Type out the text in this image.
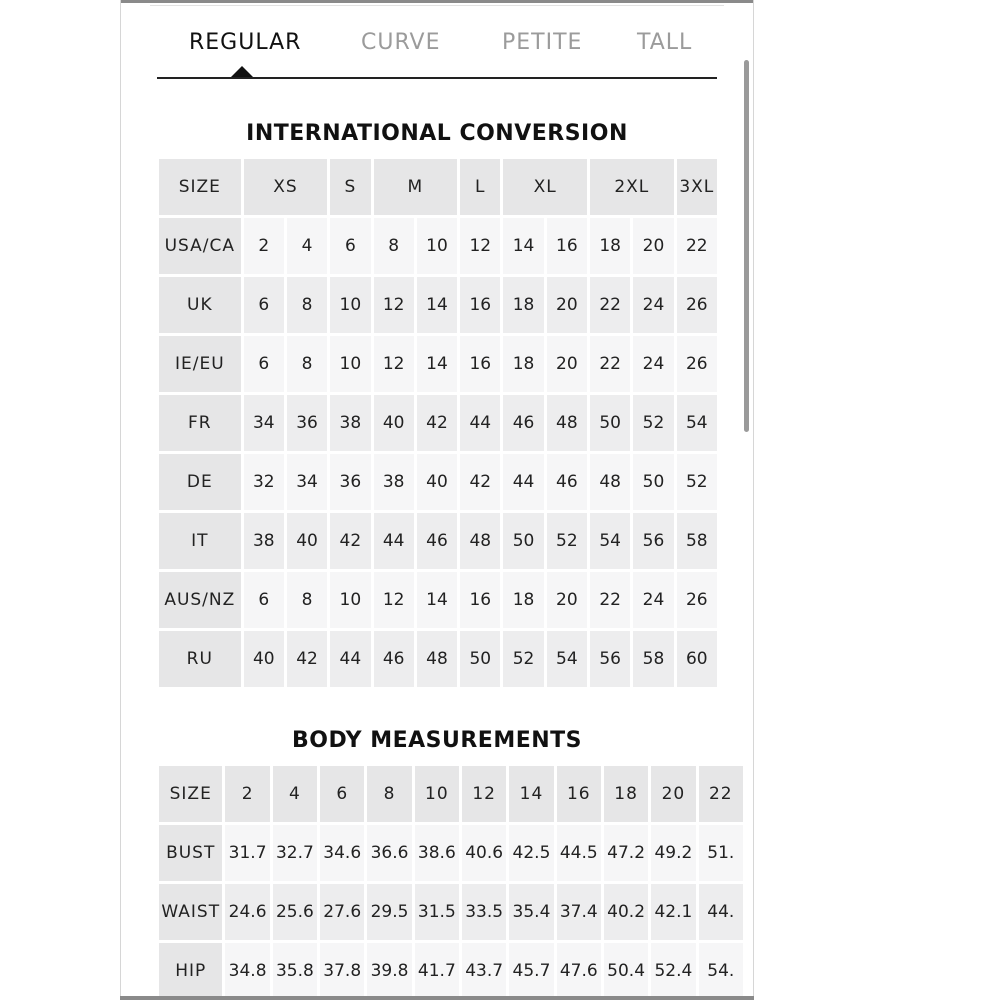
REGULAR	CURVE	PETITE TALL
INTERNATIONAL CONVERSION
SIZE	XS		S	M		L	XL		2XL		3XL
USA/CA	2	4	6	8	10	12	14	16	18	20	22
UK	6	8	10	12	14	16	18	20	22	24	26
IE/EU	6	8	10	12	14	16	18	20	22	24	26
FR	34	36	38	40	42	44	46	48	50	52	54
DE	32	34	36	38	40	42	44	46	48	50	52
IT	38	40	42	44	46	48	50	52	54	56	58
AUS/NZ	6	8	10	12	14	16	18	20	22	24	26
RU	40	42	44	46	48	50	52	54	56	58	60
BODY MEASUREMENTS
SIZE	2	4	6	8	10	12	14	16	18	20	22
BUST	31.7	32.7	34.6	36.6	38.6	40.6	42.5	44.5	47.2	49.2	51.
WAIST	24.6	25.6	27.6	29.5	31.5	33.5	35.4	37.4	40.2	42.1	44.
HIP	34.8	35.8	37.8	39.8	41.7	43.7	45.7	47.6	50.4	52.4	54.
